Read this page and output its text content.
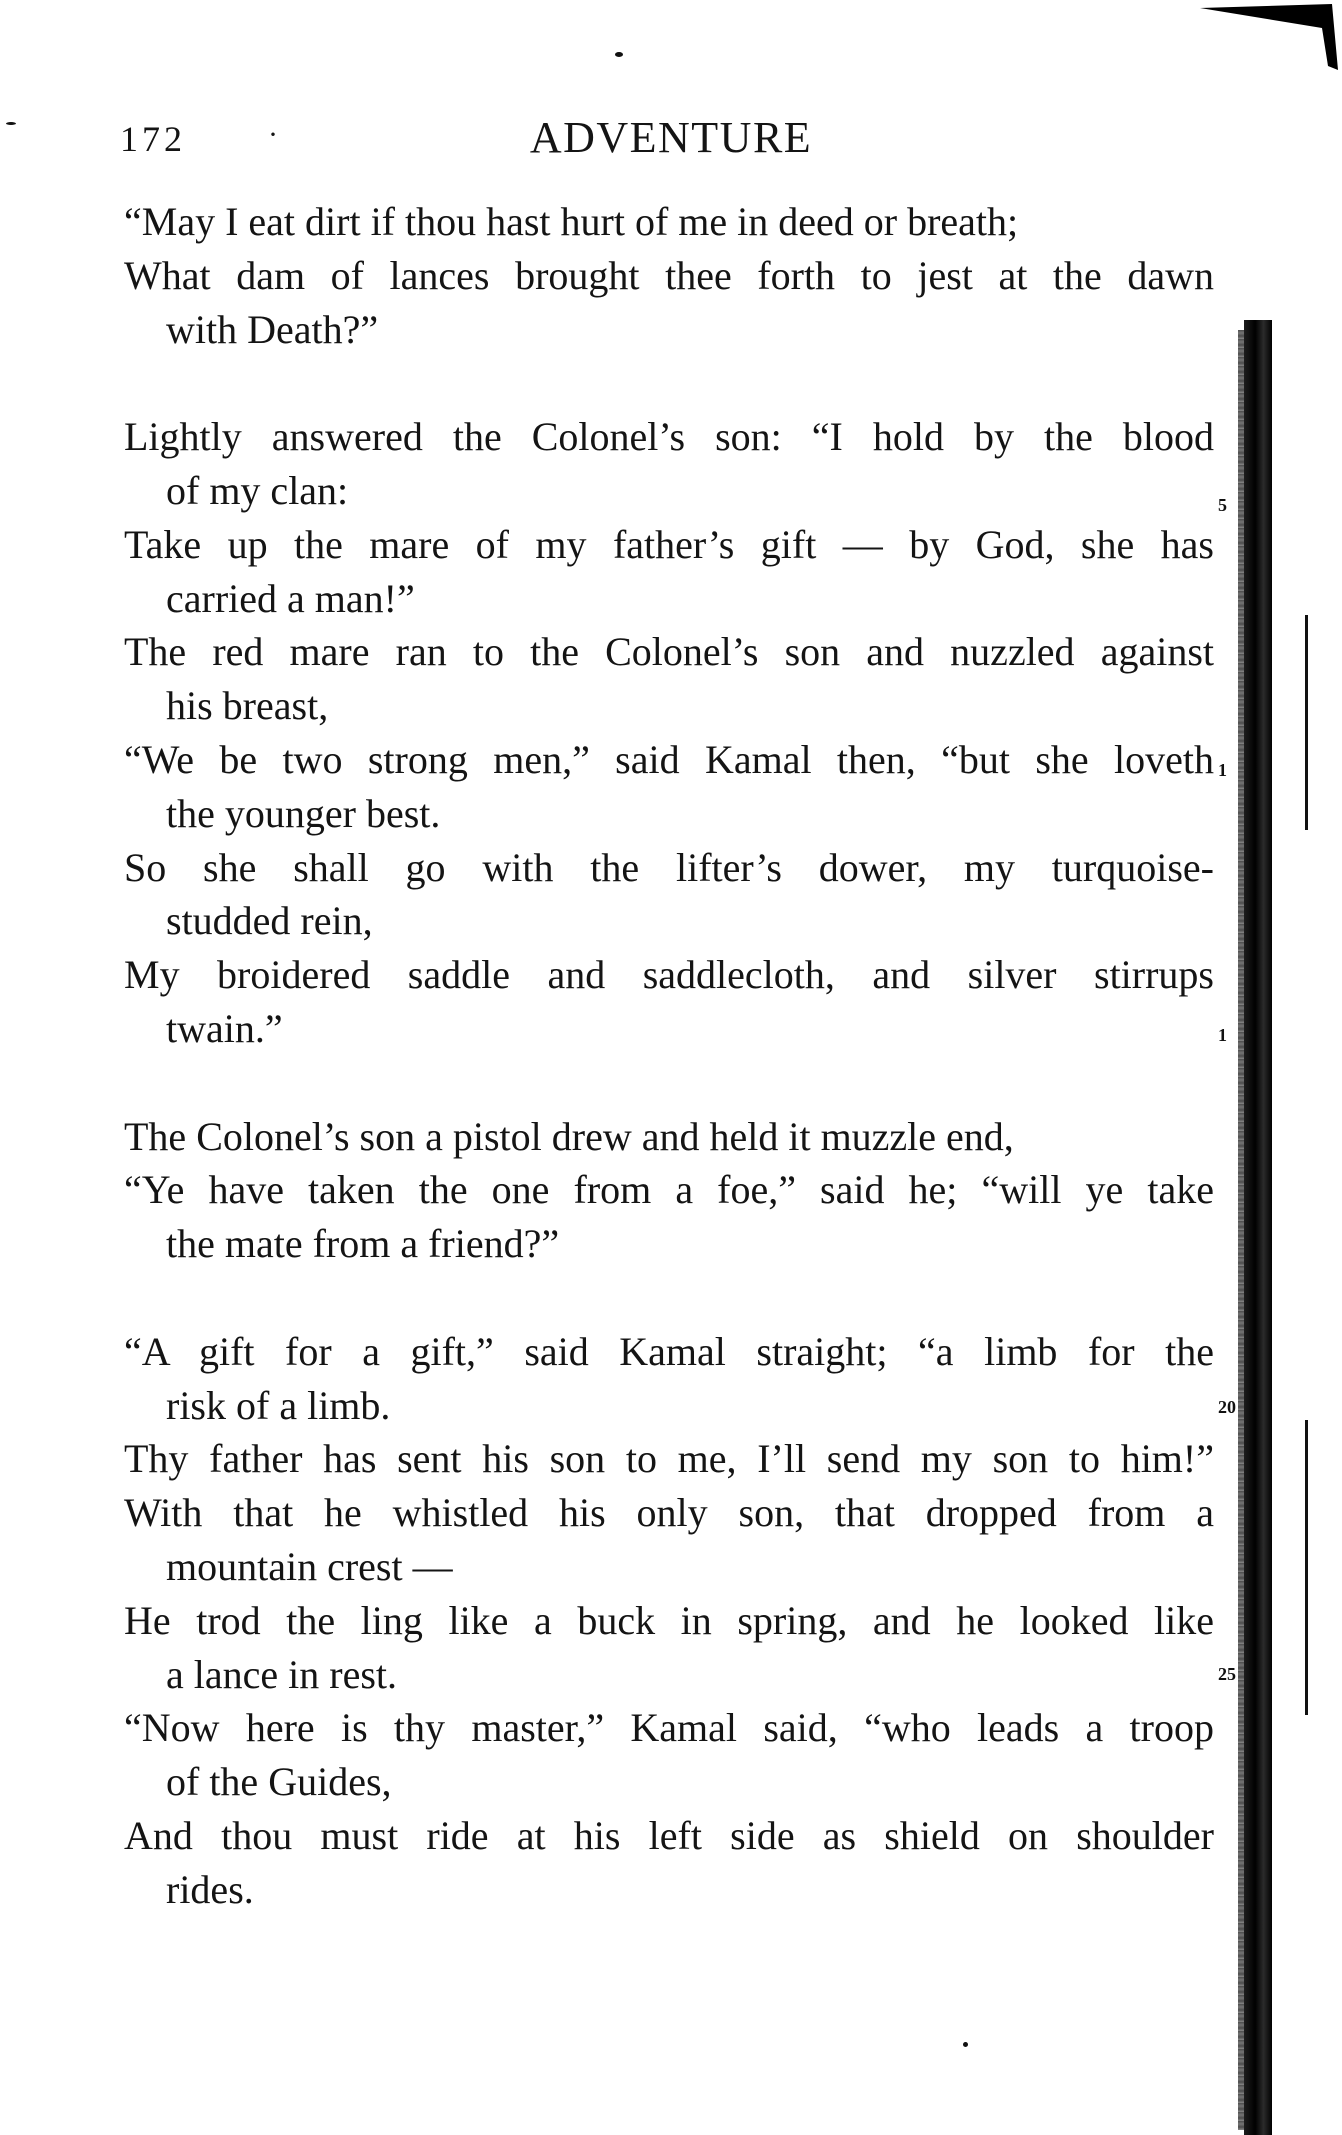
172	·	ADVENTURE
“May I eat dirt if thou hast hurt of me in deed or breath;
What dam of lances brought thee forth to jest at the dawn
with Death?”
Lightly answered the Colonel’s son: “I hold by the blood
of my clan:
Take up the mare of my father’s gift — by God, she has
carried a man!”
The red mare ran to the Colonel’s son and nuzzled against
his breast,
“We be two strong men,” said Kamal then, “but she loveth
the younger best.
So she shall go with the lifter’s dower, my turquoise-
studded rein,
My broidered saddle and saddlecloth, and silver stirrups
twain.”
The Colonel’s son a pistol drew and held it muzzle end,
“Ye have taken the one from a foe,” said he; “will ye take
the mate from a friend?”
“A gift for a gift,” said Kamal straight; “a limb for the
risk of a limb.
Thy father has sent his son to me, I’ll send my son to him!”
With that he whistled his only son, that dropped from a
mountain crest —
He trod the ling like a buck in spring, and he looked like
a lance in rest.
“Now here is thy master,” Kamal said, “who leads a troop
of the Guides,
And thou must ride at his left side as shield on shoulder
rides.
5
1
1
20
25
